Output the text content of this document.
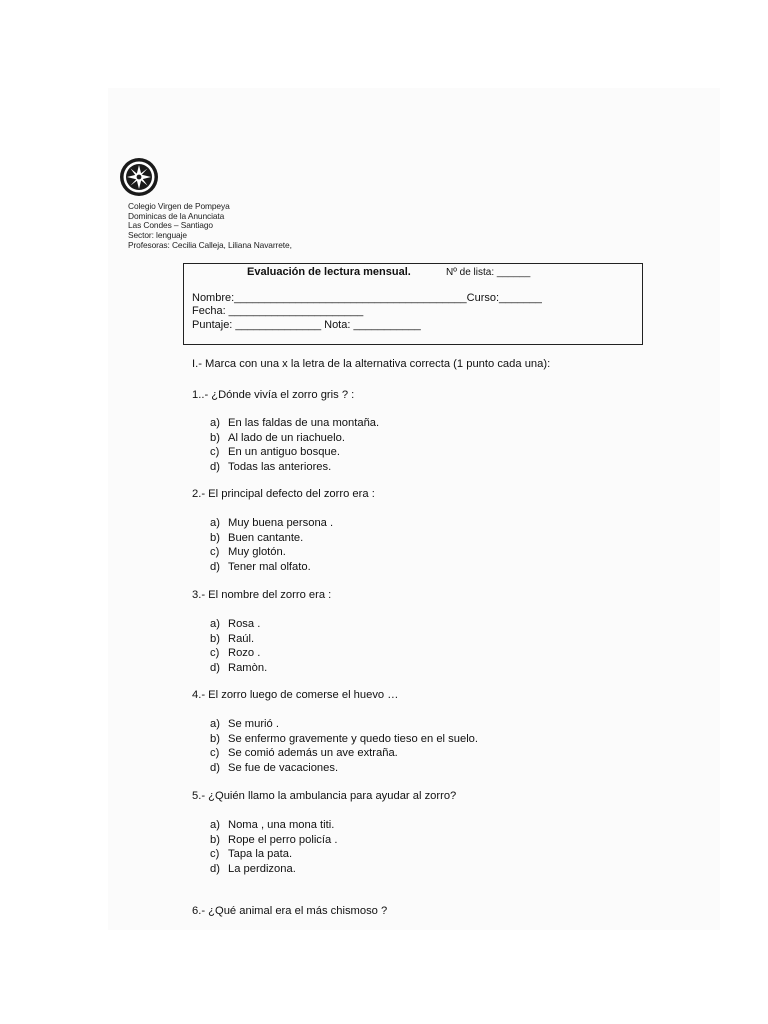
Colegio Virgen de Pompeya
Dominicas de la Anunciata
Las Condes – Santiago
Sector: lenguaje
Profesoras: Cecilia Calleja, Liliana Navarrete,
Evaluación de lectura mensual.	Nº de lista: ______
Nombre:______________________________________Curso:_______
Fecha: ______________________
Puntaje: ______________ Nota: ___________
I.- Marca con una x la letra de la alternativa correcta (1 punto cada una):
1..- ¿Dónde vivía el zorro gris ? :
a) En las faldas de una montaña.
b) Al lado de un riachuelo.
c) En un antiguo bosque.
d) Todas las anteriores.
2.- El principal defecto del zorro era :
a) Muy buena persona .
b) Buen cantante.
c) Muy glotón.
d) Tener mal olfato.
3.- El nombre del zorro era :
a) Rosa .
b) Raúl.
c) Rozo .
d) Ramòn.
4.- El zorro luego de comerse el huevo …
a) Se murió .
b) Se enfermo gravemente y quedo tieso en el suelo.
c) Se comió además un ave extraña.
d) Se fue de vacaciones.
5.- ¿Quién llamo la ambulancia para ayudar al zorro?
a) Noma , una mona titi.
b) Rope el perro policía .
c) Tapa la pata.
d) La perdizona.
6.- ¿Qué animal era el más chismoso ?
